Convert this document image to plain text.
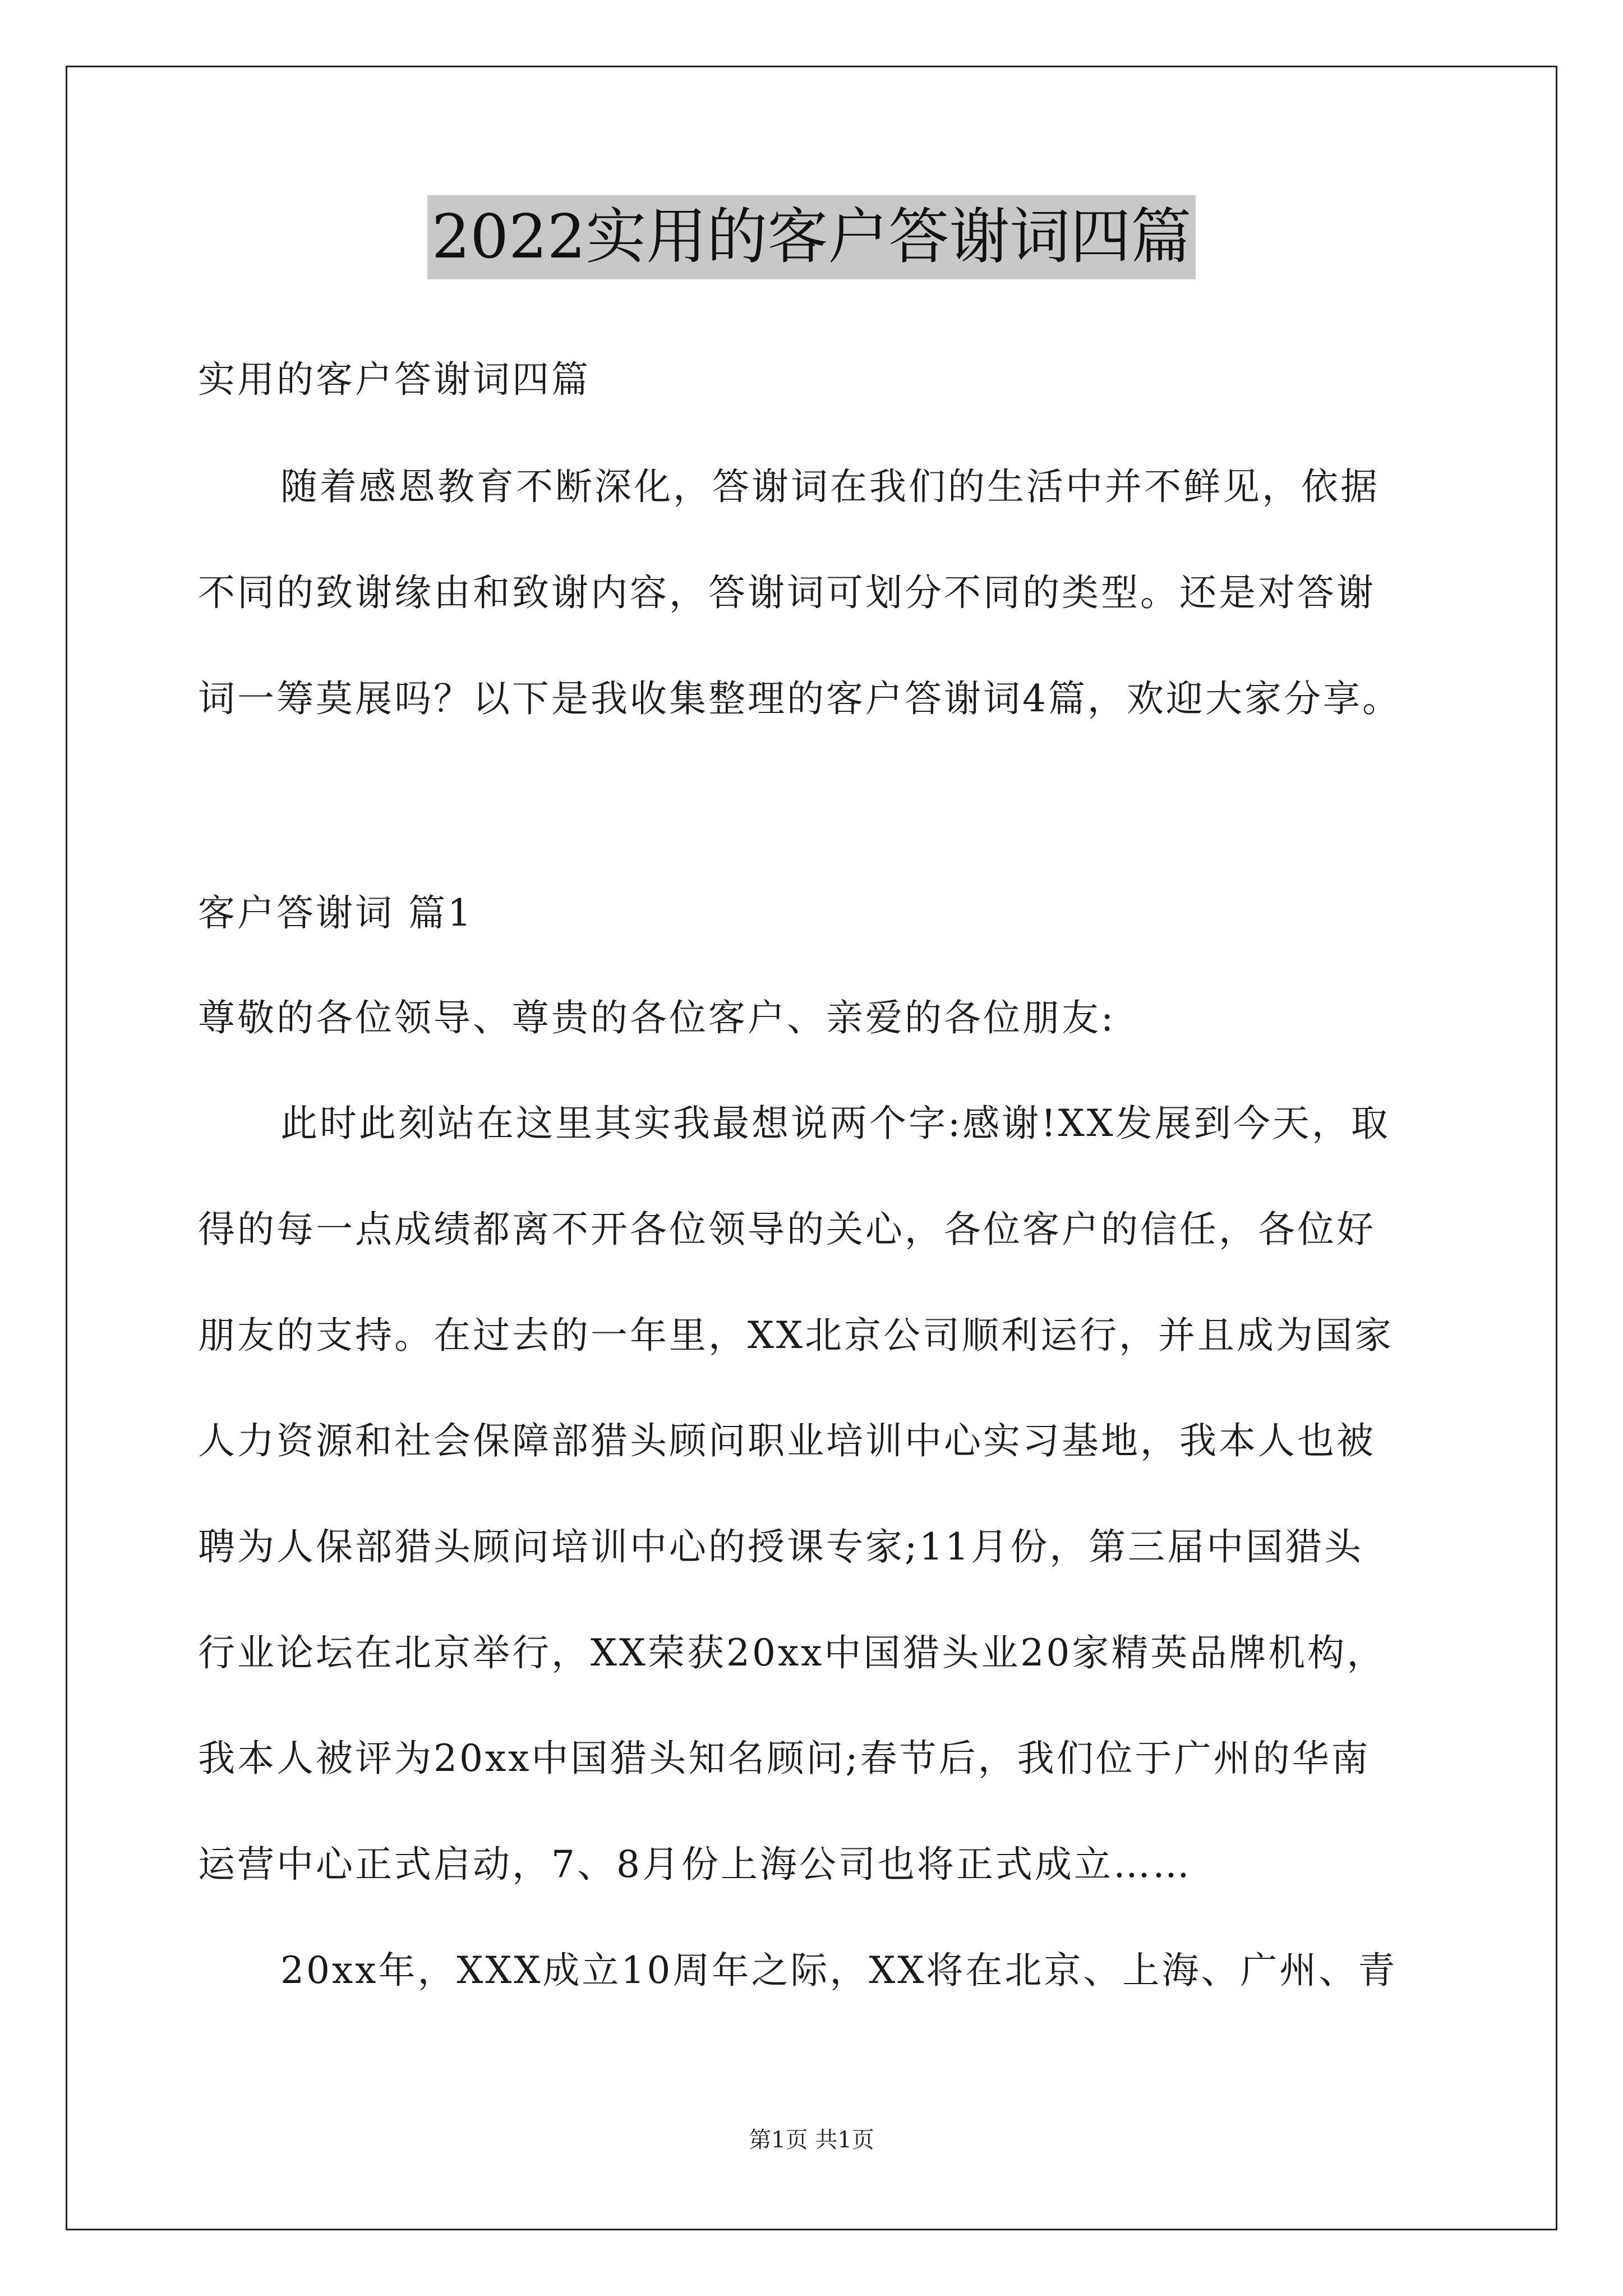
2022实用的客户答谢词四篇
实用的客户答谢词四篇
随着感恩教育不断深化，答谢词在我们的生活中并不鲜见，依据
不同的致谢缘由和致谢内容，答谢词可划分不同的类型。还是对答谢
词一筹莫展吗？以下是我收集整理的客户答谢词4篇，欢迎大家分享。
客户答谢词 篇1
尊敬的各位领导、尊贵的各位客户、亲爱的各位朋友:
此时此刻站在这里其实我最想说两个字:感谢!XX发展到今天，取
得的每一点成绩都离不开各位领导的关心，各位客户的信任，各位好
朋友的支持。在过去的一年里，XX北京公司顺利运行，并且成为国家
人力资源和社会保障部猎头顾问职业培训中心实习基地，我本人也被
聘为人保部猎头顾问培训中心的授课专家;11月份，第三届中国猎头
行业论坛在北京举行，XX荣获20xx中国猎头业20家精英品牌机构，
我本人被评为20xx中国猎头知名顾问;春节后，我们位于广州的华南
运营中心正式启动，7、8月份上海公司也将正式成立……
20xx年，XXX成立10周年之际，XX将在北京、上海、广州、青
第1页 共1页
